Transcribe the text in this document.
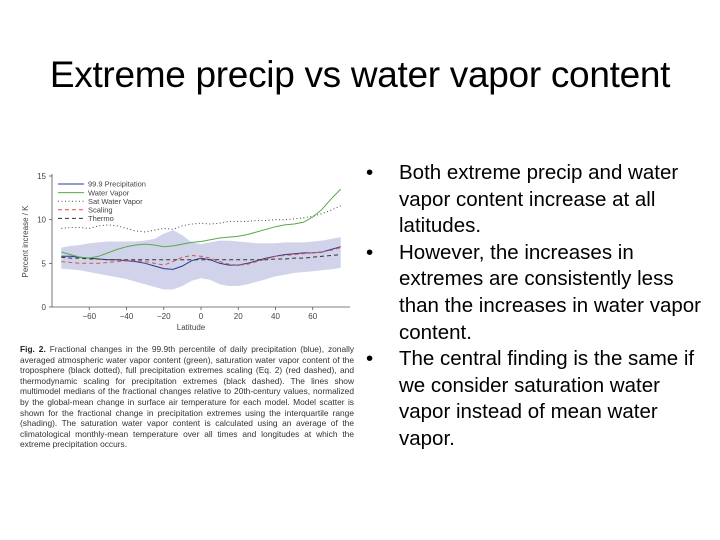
Extreme precip vs water vapor content
0
5
10
15
−60	−40	−20	0	20	40	60
Latitude
Percent increase / K
99.9 Precipitation
Water Vapor
Sat Water Vapor
Scaling
Thermo
Fig. 2. Fractional changes in the 99.9th percentile of daily precipitation (blue), zonally averaged atmospheric water vapor content (green), saturation water vapor content of the troposphere (black dotted), full precipitation extremes scaling (Eq. 2) (red dashed), and thermodynamic scaling for precipitation extremes (black dashed). The lines show multimodel medians of the fractional changes relative to 20th-century values, normalized by the global-mean change in surface air temperature for each model. Model scatter is shown for the fractional change in precipitation extremes using the interquartile range (shading). The saturation water vapor content is calculated using an average of the climatological monthly-mean temperature over all times and longitudes at which the extreme precipitation occurs.
• Both extreme precip and water vapor content increase at all latitudes.
• However, the increases in extremes are consistently less than the increases in water vapor content.
• The central finding is the same if we consider saturation water vapor instead of mean water vapor.
